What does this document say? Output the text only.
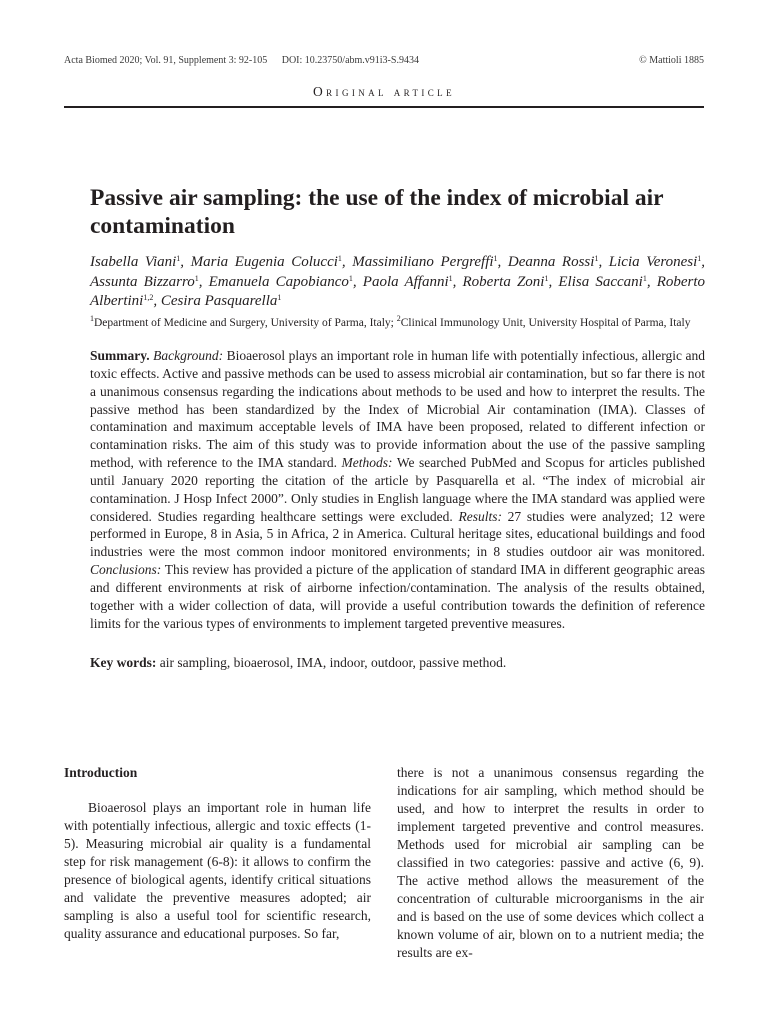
Acta Biomed 2020; Vol. 91, Supplement 3: 92-105 DOI: 10.23750/abm.v91i3-S.9434	© Mattioli 1885
Original article
Passive air sampling: the use of the index of microbial air contamination

Isabella Viani$^1$, Maria Eugenia Colucci$^1$, Massimiliano Pergreffi$^1$, Deanna Rossi$^1$, Licia Veronesi$^1$, Assunta Bizzarro$^1$, Emanuela Capobianco$^1$, Paola Affanni$^1$, Roberta Zoni$^1$, Elisa Saccani$^1$, Roberto Albertini$^{1,2}$, Cesira Pasquarella$^1$

$^1$Department of Medicine and Surgery, University of Parma, Italy; $^2$Clinical Immunology Unit, University Hospital of Parma, Italy

Summary. Background: Bioaerosol plays an important role in human life with potentially infectious, allergic and toxic effects. Active and passive methods can be used to assess microbial air contamination, but so far there is not a unanimous consensus regarding the indications about methods to be used and how to interpret the results. The passive method has been standardized by the Index of Microbial Air contamination (IMA). Classes of contamination and maximum acceptable levels of IMA have been proposed, related to different infection or contamination risks. The aim of this study was to provide information about the use of the passive sampling method, with reference to the IMA standard. Methods: We searched PubMed and Scopus for articles published until January 2020 reporting the citation of the article by Pasquarella et al. “The index of microbial air contamination. J Hosp Infect 2000”. Only studies in English language where the IMA standard was applied were considered. Studies regarding healthcare settings were excluded. Results: 27 studies were analyzed; 12 were performed in Europe, 8 in Asia, 5 in Africa, 2 in America. Cultural heritage sites, educational buildings and food industries were the most common indoor monitored environments; in 8 studies outdoor air was monitored. Conclusions: This review has provided a picture of the application of standard IMA in different geographic areas and different environments at risk of airborne infection/contamination. The analysis of the results obtained, together with a wider collection of data, will provide a useful contribution towards the definition of reference limits for the various types of environments to implement targeted preventive measures.

Key words: air sampling, bioaerosol, IMA, indoor, outdoor, passive method.

Introduction

Bioaerosol plays an important role in human life with potentially infectious, allergic and toxic effects (1-5). Measuring microbial air quality is a fundamental step for risk management (6-8): it allows to confirm the presence of biological agents, identify critical situations and validate the preventive measures adopted; air sampling is also a useful tool for scientific research, quality assurance and educational purposes. So far,

there is not a unanimous consensus regarding the indications for air sampling, which method should be used, and how to interpret the results in order to implement targeted preventive and control measures. Methods used for microbial air sampling can be classified in two categories: passive and active (6, 9). The active method allows the measurement of the concentration of culturable microorganisms in the air and is based on the use of some devices which collect a known volume of air, blown on to a nutrient media; the results are ex-
